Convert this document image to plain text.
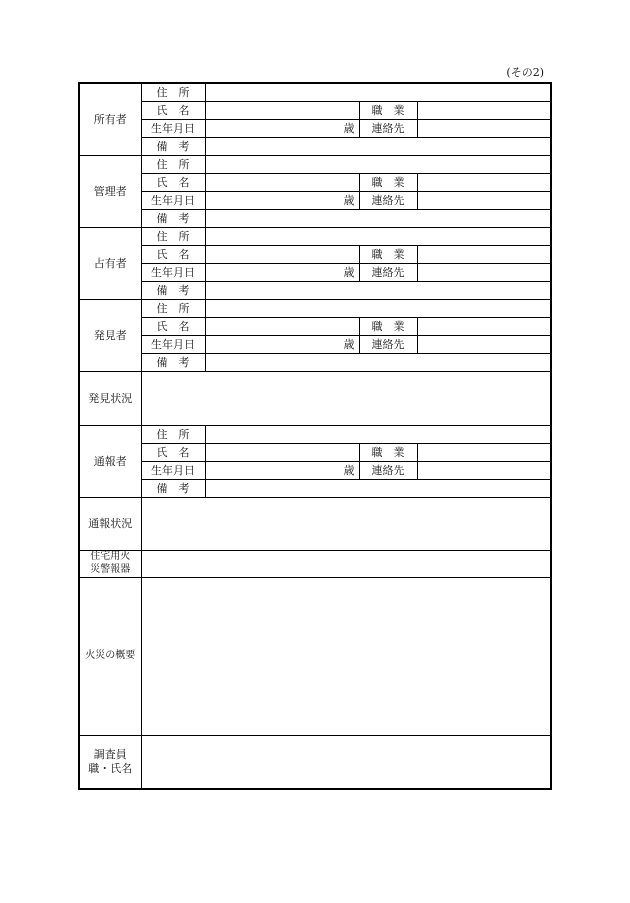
(その2)
所有者	住　所			
	氏　名		職　業	
	生年月日	歳	連絡先	
	備　考			
管理者	住　所			
	氏　名		職　業	
	生年月日	歳	連絡先	
	備　考			
占有者	住　所			
	氏　名		職　業	
	生年月日	歳	連絡先	
	備　考			
発見者	住　所			
	氏　名		職　業	
	生年月日	歳	連絡先	
	備　考			
発見状況				
通報者	住　所			
	氏　名		職　業	
	生年月日	歳	連絡先	
	備　考			
通報状況				

住宅用火
災警報器				

火災の概要				

調査員
職・氏名				
